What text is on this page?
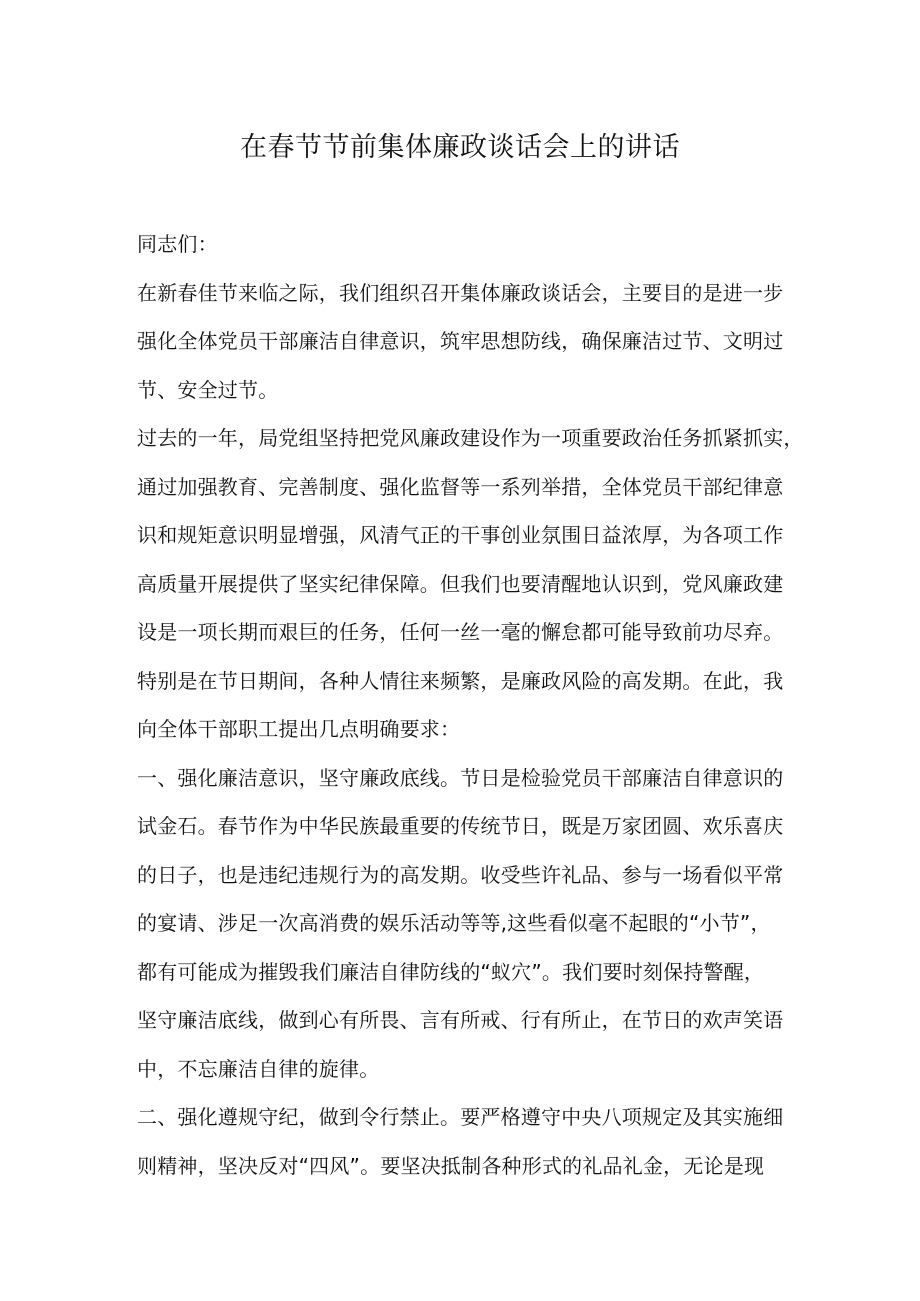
在春节节前集体廉政谈话会上的讲话
同志们：
在新春佳节来临之际，我们组织召开集体廉政谈话会，主要目的是进一步
强化全体党员干部廉洁自律意识，筑牢思想防线，确保廉洁过节、文明过
节、安全过节。
过去的一年，局党组坚持把党风廉政建设作为一项重要政治任务抓紧抓实，
通过加强教育、完善制度、强化监督等一系列举措，全体党员干部纪律意
识和规矩意识明显增强，风清气正的干事创业氛围日益浓厚，为各项工作
高质量开展提供了坚实纪律保障。但我们也要清醒地认识到，党风廉政建
设是一项长期而艰巨的任务，任何一丝一毫的懈怠都可能导致前功尽弃。
特别是在节日期间，各种人情往来频繁，是廉政风险的高发期。在此，我
向全体干部职工提出几点明确要求：
一、强化廉洁意识，坚守廉政底线。节日是检验党员干部廉洁自律意识的
试金石。春节作为中华民族最重要的传统节日，既是万家团圆、欢乐喜庆
的日子，也是违纪违规行为的高发期。收受些许礼品、参与一场看似平常
的宴请、涉足一次高消费的娱乐活动等等,这些看似毫不起眼的“小节”，
都有可能成为摧毁我们廉洁自律防线的“蚁穴”。我们要时刻保持警醒，
坚守廉洁底线，做到心有所畏、言有所戒、行有所止，在节日的欢声笑语
中，不忘廉洁自律的旋律。
二、强化遵规守纪，做到令行禁止。要严格遵守中央八项规定及其实施细
则精神，坚决反对“四风”。要坚决抵制各种形式的礼品礼金，无论是现
